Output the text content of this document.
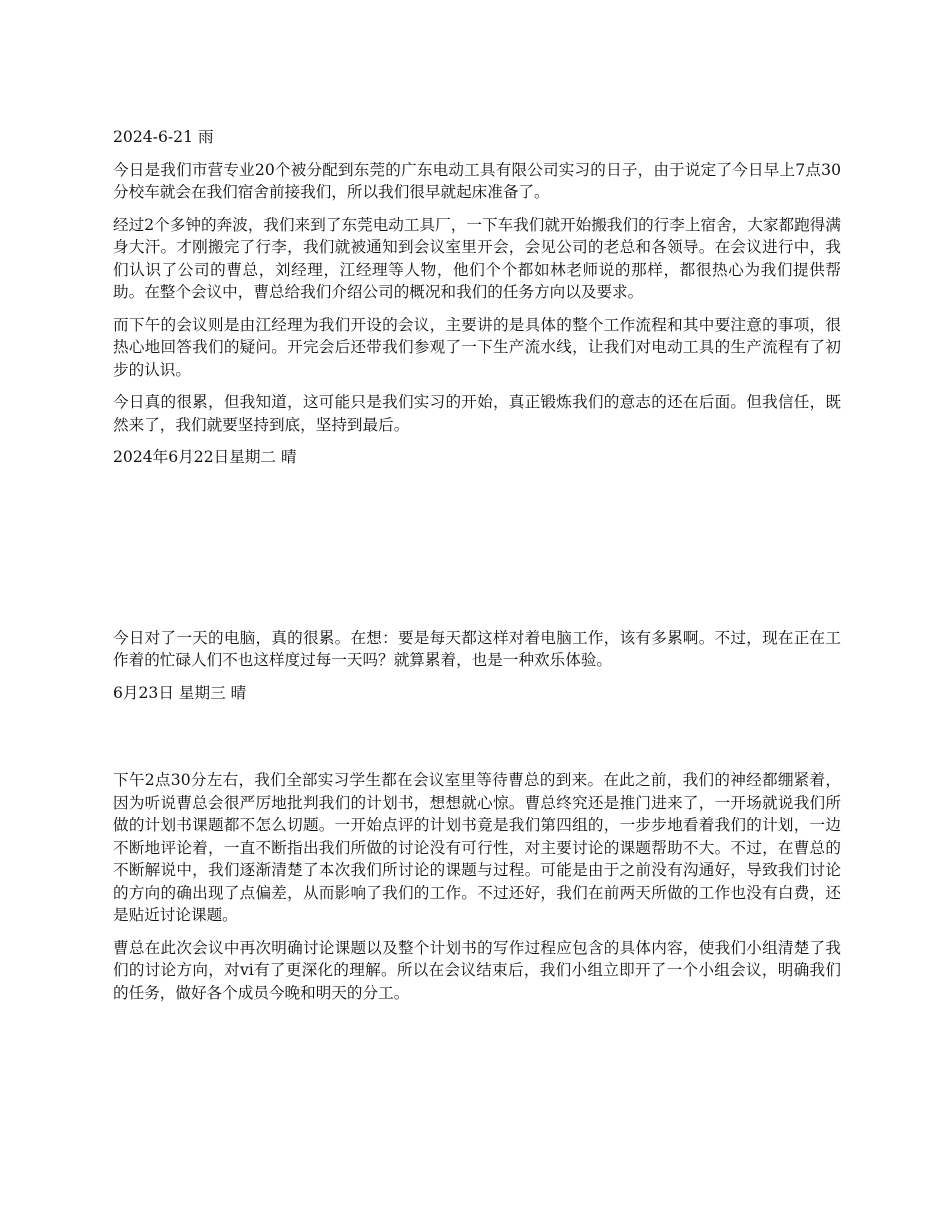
2024-6-21 雨

今日是我们市营专业20个被分配到东莞的广东电动工具有限公司实习的日子，由于说定了今日早上7点30分校车就会在我们宿舍前接我们，所以我们很早就起床准备了。

经过2个多钟的奔波，我们来到了东莞电动工具厂，一下车我们就开始搬我们的行李上宿舍，大家都跑得满身大汗。才刚搬完了行李，我们就被通知到会议室里开会，会见公司的老总和各领导。在会议进行中，我们认识了公司的曹总，刘经理，江经理等人物，他们个个都如林老师说的那样，都很热心为我们提供帮助。在整个会议中，曹总给我们介绍公司的概况和我们的任务方向以及要求。

而下午的会议则是由江经理为我们开设的会议，主要讲的是具体的整个工作流程和其中要注意的事项，很热心地回答我们的疑问。开完会后还带我们参观了一下生产流水线，让我们对电动工具的生产流程有了初步的认识。

今日真的很累，但我知道，这可能只是我们实习的开始，真正锻炼我们的意志的还在后面。但我信任，既然来了，我们就要坚持到底，坚持到最后。

2024年6月22日星期二 晴

今日对了一天的电脑，真的很累。在想：要是每天都这样对着电脑工作，该有多累啊。不过，现在正在工作着的忙碌人们不也这样度过每一天吗？就算累着，也是一种欢乐体验。

6月23日 星期三 晴

下午2点30分左右，我们全部实习学生都在会议室里等待曹总的到来。在此之前，我们的神经都绷紧着，因为听说曹总会很严厉地批判我们的计划书，想想就心惊。曹总终究还是推门进来了，一开场就说我们所做的计划书课题都不怎么切题。一开始点评的计划书竟是我们第四组的，一步步地看着我们的计划，一边不断地评论着，一直不断指出我们所做的讨论没有可行性，对主要讨论的课题帮助不大。不过，在曹总的不断解说中，我们逐渐清楚了本次我们所讨论的课题与过程。可能是由于之前没有沟通好，导致我们讨论的方向的确出现了点偏差，从而影响了我们的工作。不过还好，我们在前两天所做的工作也没有白费，还是贴近讨论课题。

曹总在此次会议中再次明确讨论课题以及整个计划书的写作过程应包含的具体内容，使我们小组清楚了我们的讨论方向，对vi有了更深化的理解。所以在会议结束后，我们小组立即开了一个小组会议，明确我们的任务，做好各个成员今晚和明天的分工。
